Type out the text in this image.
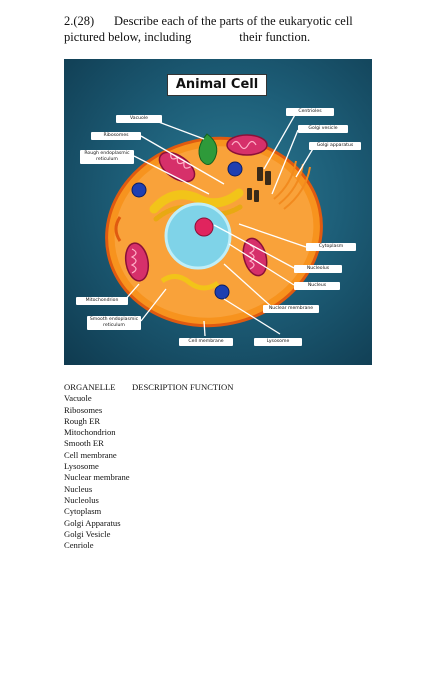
2.(28) Describe each of the parts of the eukaryotic cell
pictured below, including	their function.
Animal Cell
Vacuole
Ribosomes
Rough endoplasmic reticulum
Centrioles
Golgi vesicle
Golgi apparatus
Cytoplasm
Nucleolus
Nucleus
Nuclear membrane
Mitochondrion
Smooth endoplasmic reticulum
Cell membrane	Lysosome
ORGANELLE	DESCRIPTION FUNCTION
Vacuole
Ribosomes
Rough ER
Mitochondrion
Smooth ER
Cell membrane
Lysosome
Nuclear membrane
Nucleus
Nucleolus
Cytoplasm
Golgi Apparatus
Golgi Vesicle
Cenriole
